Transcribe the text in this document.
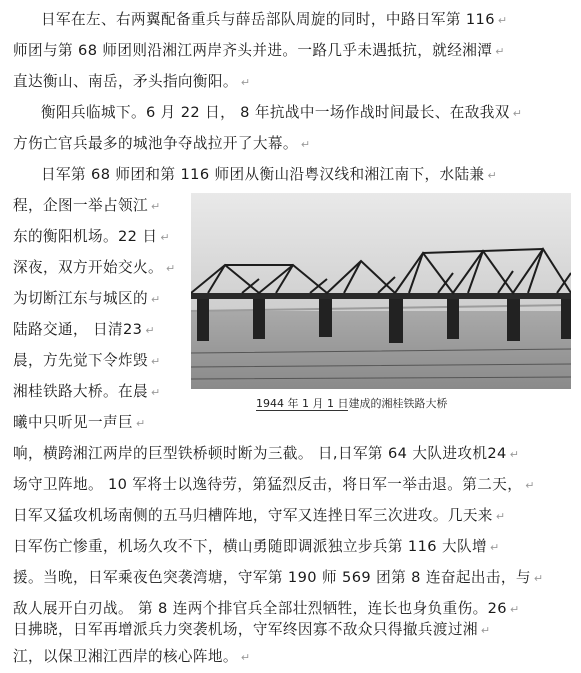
日军在左、右两翼配备重兵与薛岳部队周旋的同时，中路日军第 116 ↵
师团与第 68 师团则沿湘江两岸齐头并进。一路几乎未遇抵抗，就经湘潭 ↵
直达衡山、南岳，矛头指向衡阳。 ↵
衡阳兵临城下。6 月 22 日， 8 年抗战中一场作战时间最长、在敌我双 ↵
方伤亡官兵最多的城池争夺战拉开了大幕。 ↵
日军第 68 师团和第 116 师团从衡山沿粤汉线和湘江南下，水陆兼 ↵
程，企图一举占领江 ↵
东的衡阳机场。22 日 ↵
深夜，双方开始交火。 ↵
为切断江东与城区的 ↵
陆路交通， 日清23 ↵
晨，方先觉下令炸毁 ↵
湘桂铁路大桥。在晨 ↵
曦中只听见一声巨 ↵
响，横跨湘江两岸的巨型铁桥顿时断为三截。 日,日军第 64 大队进攻机24 ↵
场守卫阵地。 10 军将士以逸待劳，第猛烈反击，将日军一举击退。第二天， ↵
日军又猛攻机场南侧的五马归槽阵地，守军又连挫日军三次进攻。几天来 ↵
日军伤亡惨重，机场久攻不下，横山勇随即调派独立步兵第 116 大队增 ↵
援。当晚，日军乘夜色突袭湾塘，守军第 190 师 569 团第 8 连奋起出击，与 ↵
敌人展开白刃战。 第 8 连两个排官兵全部壮烈牺牲，连长也身负重伤。26 ↵
日拂晓，日军再增派兵力突袭机场，守军终因寡不敌众只得撤兵渡过湘 ↵
江，以保卫湘江西岸的核心阵地。 ↵
1944 年 1 月 1 日建成的湘桂铁路大桥
